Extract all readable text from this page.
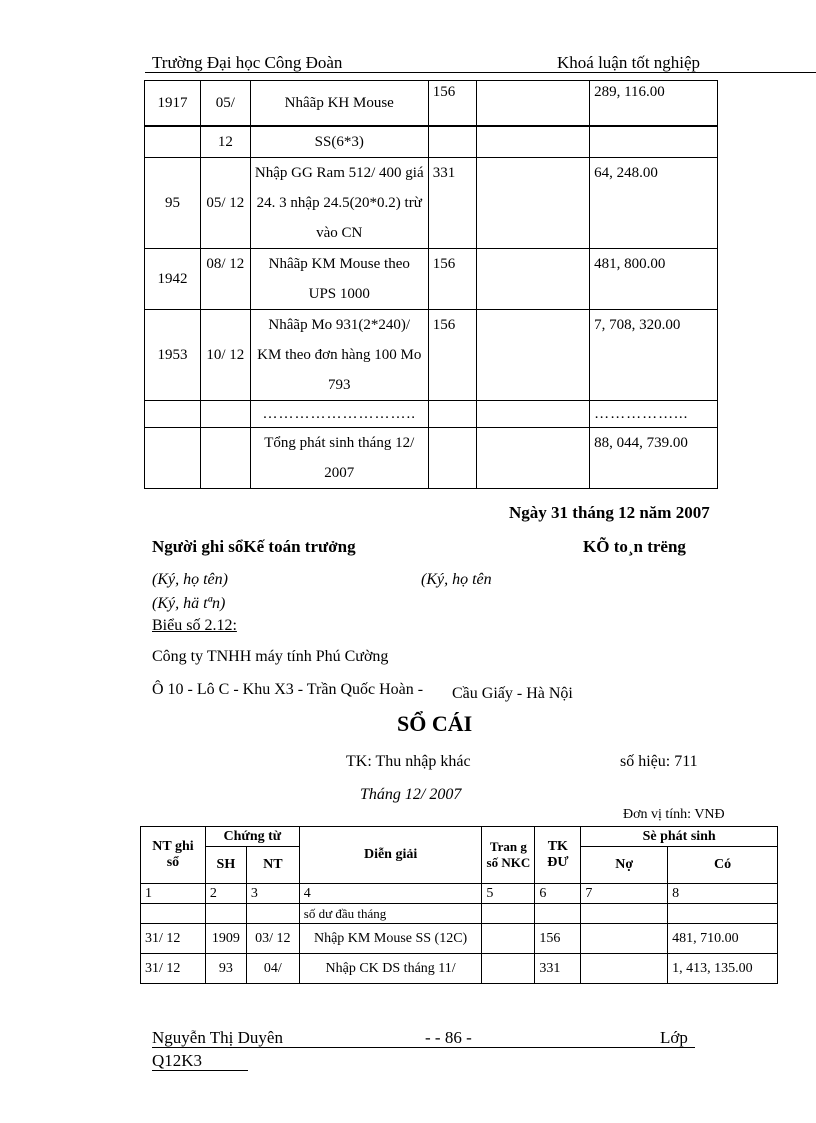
Trường Đại học Công Đoàn	Khoá luận tốt nghiệp
1917	05/	Nhâãp KH Mouse	156		289, 116.00
	12	SS(6*3)			
95	05/ 12	Nhập GG Ram 512/ 400 giá 24. 3 nhập 24.5(20*0.2) trừ vào CN	331		64, 248.00
1942	08/ 12	Nhâãp KM Mouse theo UPS 1000	156		481, 800.00
1953	10/ 12	Nhâãp Mo 931(2*240)/ KM theo đơn hàng 100 Mo 793	156		7, 708, 320.00
		………………………..			……………...
		Tổng phát sinh tháng 12/ 2007			88, 044, 739.00
Ngày 31 tháng 12 năm 2007
Người ghi sổKế toán trưởng	KÕ to¸n trëng
(Ký, họ tên)	(Ký, họ tên
(Ký, hä tªn)
Biểu số 2.12:
Công ty TNHH máy tính Phú Cường
Ô 10 - Lô C - Khu X3 - Trần Quốc Hoàn - Cầu Giấy - Hà Nội
SỔ CÁI
TK: Thu nhập khác	số hiệu: 711
Tháng 12/ 2007
Đơn vị tính: VNĐ
NT ghi sổ	Chứng từ		Diễn giải	Tran g số NKC	TK ĐƯ	Sè phát sinh	
	SH	NT				Nợ	Có
1	2	3	4	5	6	7	8
			số dư đầu tháng				
31/ 12	1909	03/ 12	Nhập KM Mouse SS (12C)		156		481, 710.00
31/ 12	93	04/	Nhập CK DS tháng 11/		331		1, 413, 135.00
Nguyễn Thị Duyên	- - 86 -	Lớp
Q12K3
